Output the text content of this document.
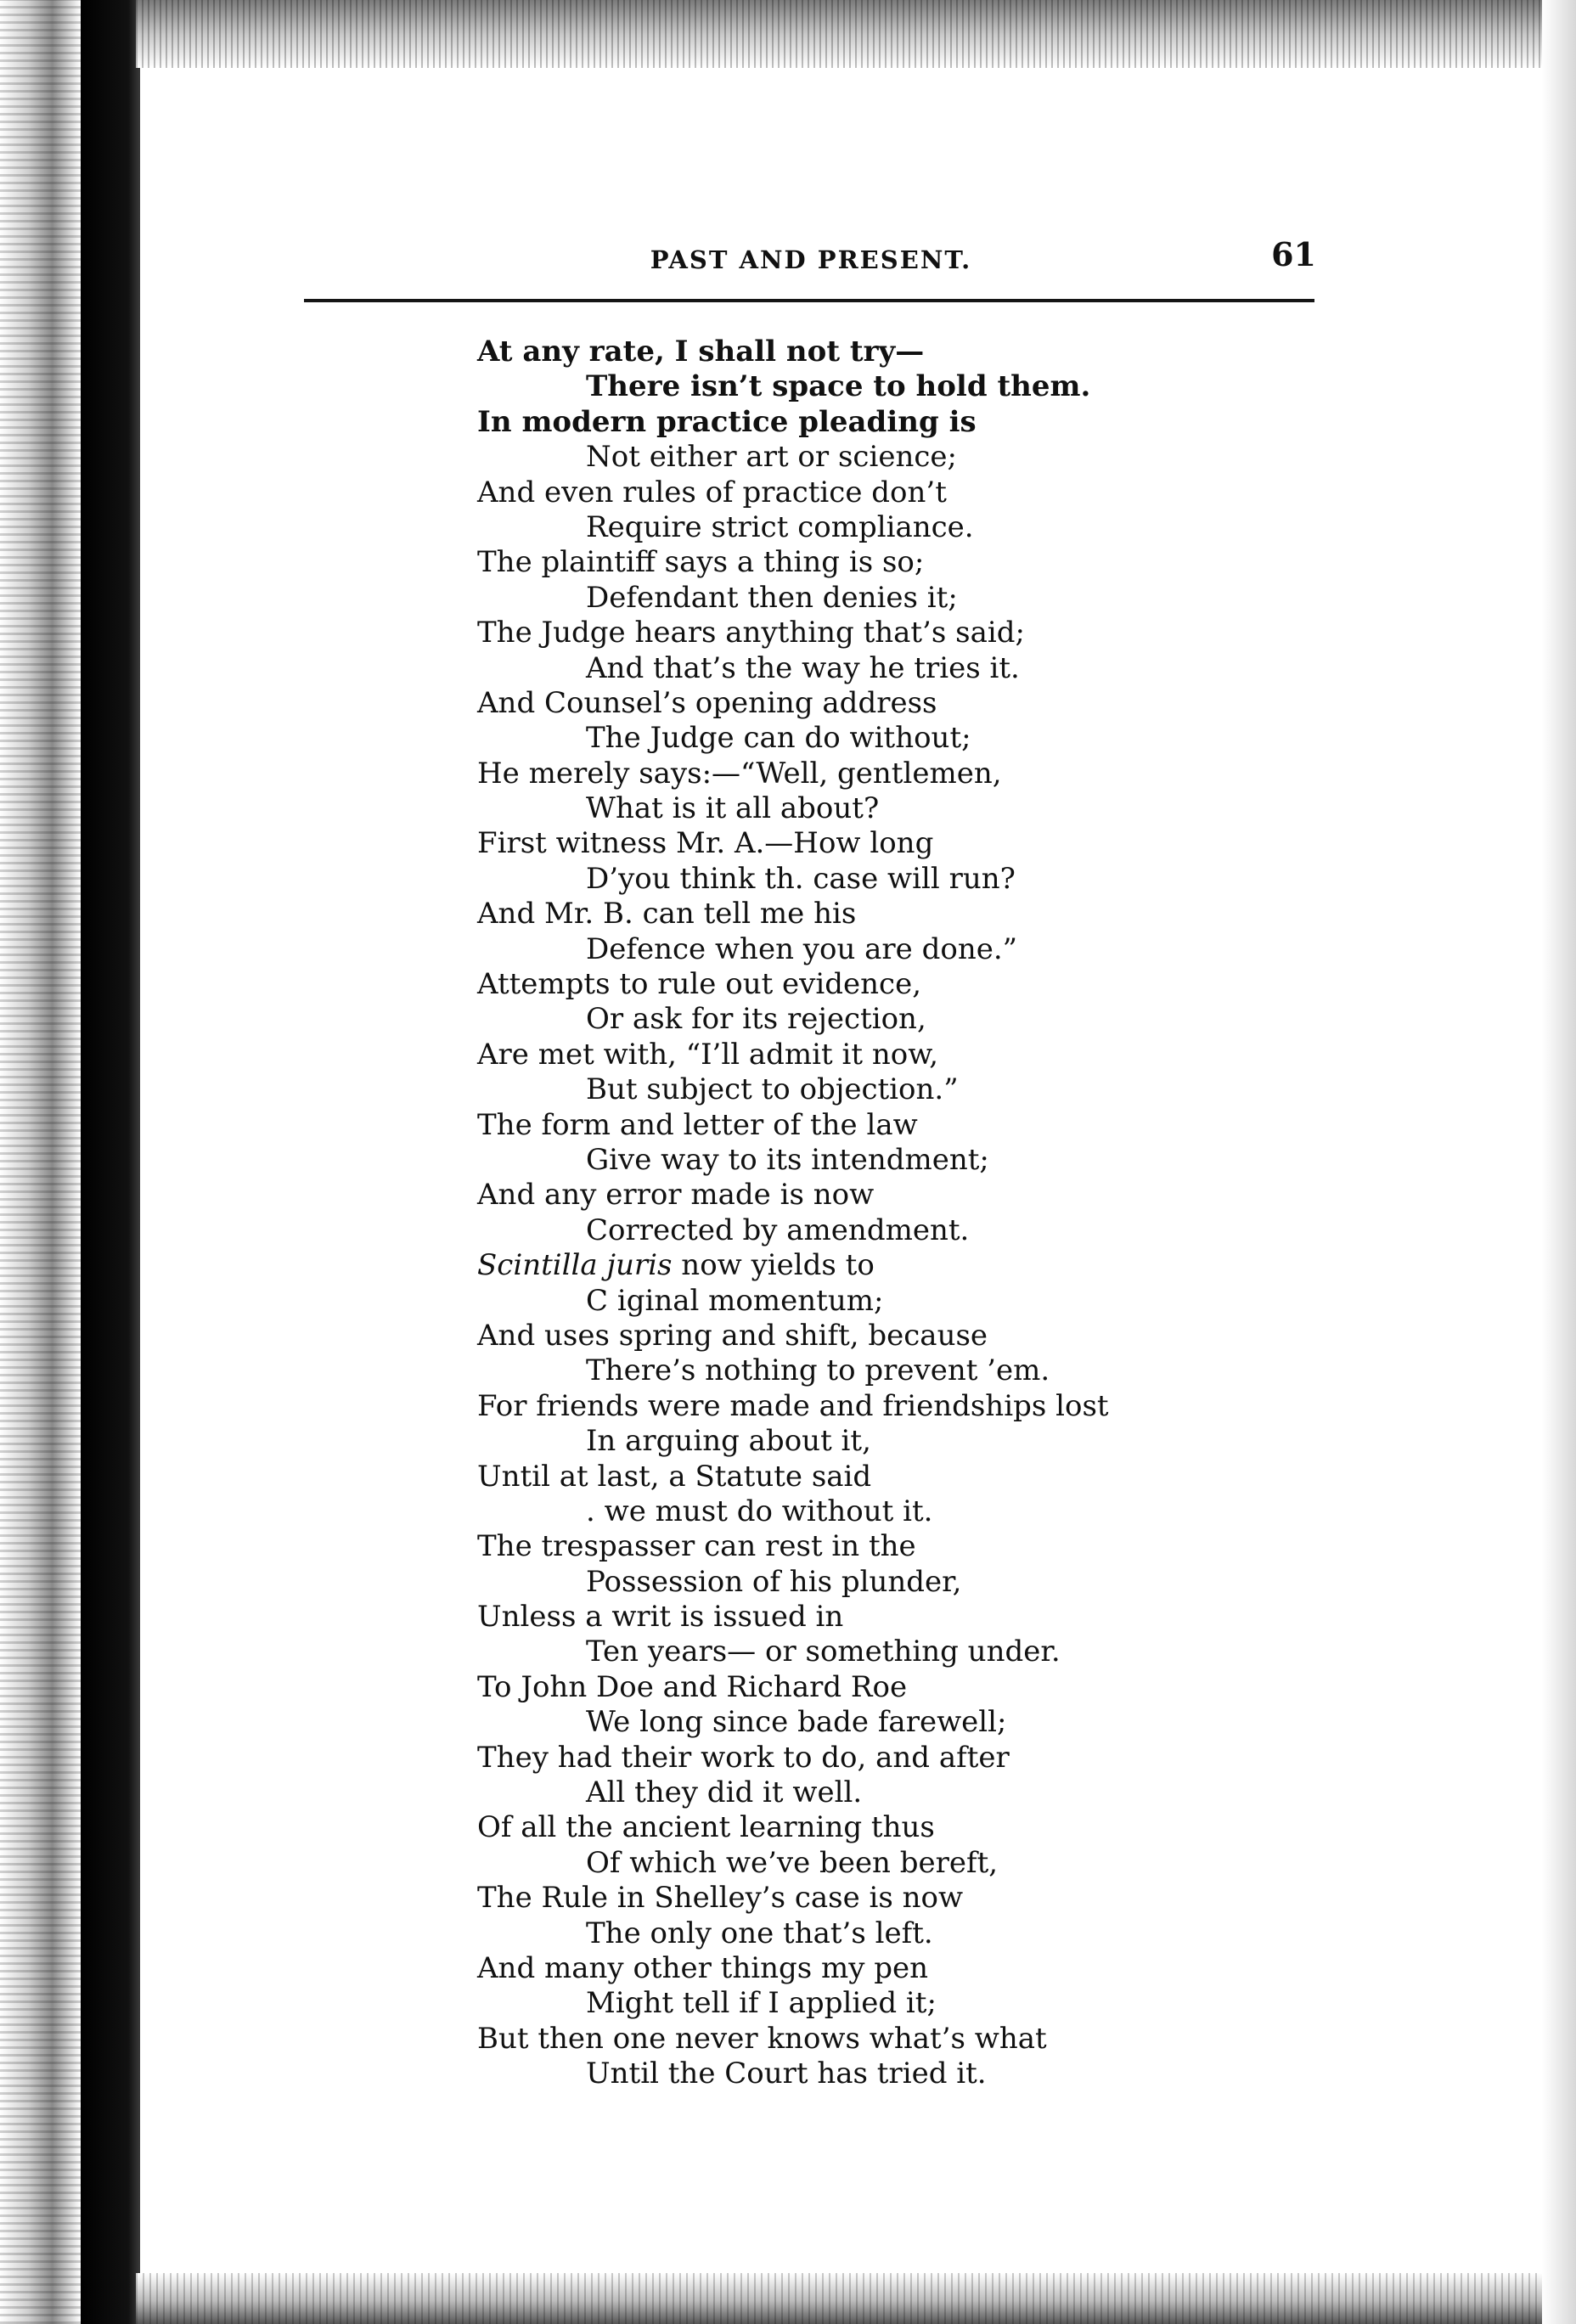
PAST AND PRESENT.	61
At any rate, I shall not try—
There isn’t space to hold them.
In modern practice pleading is
Not either art or science;
And even rules of practice don’t
Require strict compliance.
The plaintiff says a thing is so;
Defendant then denies it;
The Judge hears anything that’s said;
And that’s the way he tries it.
And Counsel’s opening address
The Judge can do without;
He merely says:—“Well, gentlemen,
What is it all about?
First witness Mr. A.—How long
D’you think th. case will run?
And Mr. B. can tell me his
Defence when you are done.”
Attempts to rule out evidence,
Or ask for its rejection,
Are met with, “I’ll admit it now,
But subject to objection.”
The form and letter of the law
Give way to its intendment;
And any error made is now
Corrected by amendment.
Scintilla juris now yields to
C iginal momentum;
And uses spring and shift, because
There’s nothing to prevent ’em.
For friends were made and friendships lost
In arguing about it,
Until at last, a Statute said
. we must do without it.
The trespasser can rest in the
Possession of his plunder,
Unless a writ is issued in
Ten years— or something under.
To John Doe and Richard Roe
We long since bade farewell;
They had their work to do, and after
All they did it well.
Of all the ancient learning thus
Of which we’ve been bereft,
The Rule in Shelley’s case is now
The only one that’s left.
And many other things my pen
Might tell if I applied it;
But then one never knows what’s what
Until the Court has tried it.
